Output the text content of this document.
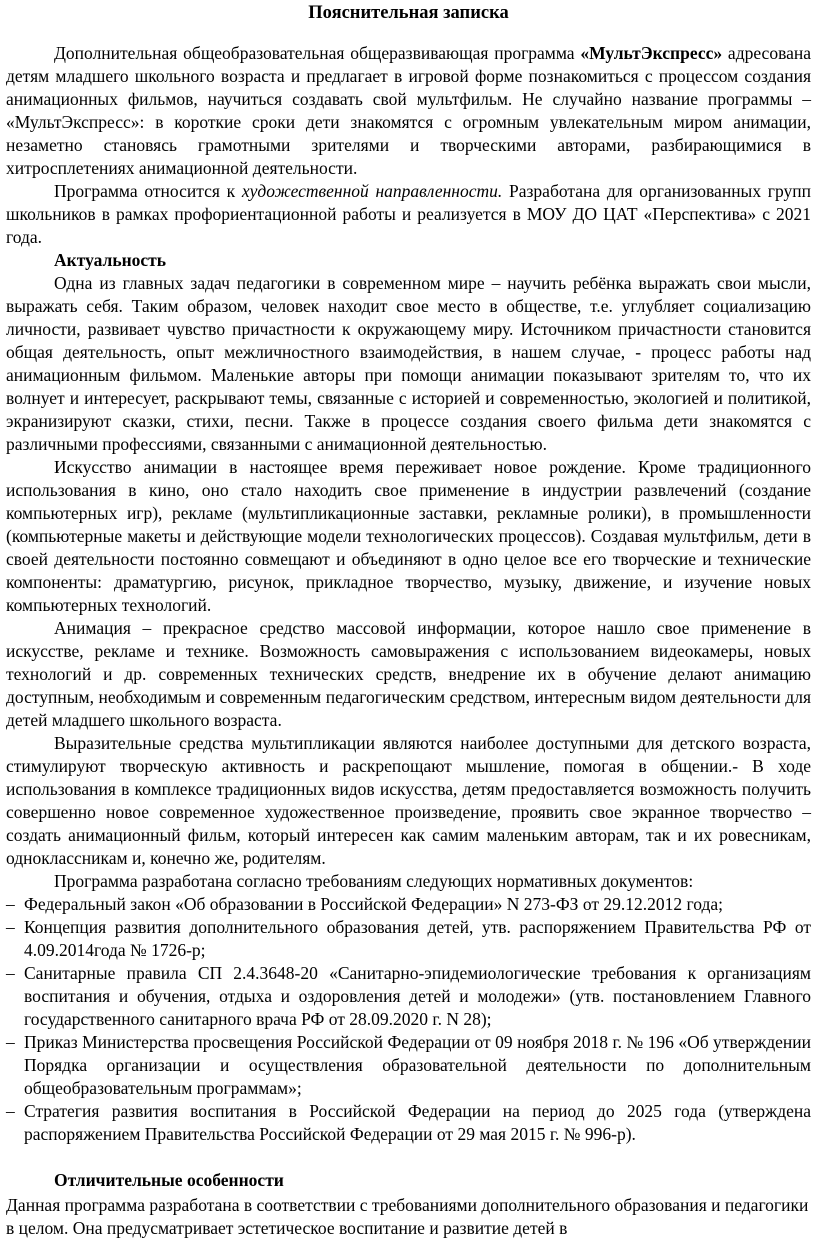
Пояснительная записка

Дополнительная общеобразовательная общеразвивающая программа «МультЭкспресс» адресована детям младшего школьного возраста и предлагает в игровой форме познакомиться с процессом создания анимационных фильмов, научиться создавать свой мультфильм. Не случайно название программы – «МультЭкспресс»: в короткие сроки дети знакомятся с огромным увлекательным миром анимации, незаметно становясь грамотными зрителями и творческими авторами, разбирающимися в хитросплетениях анимационной деятельности.

Программа относится к художественной направленности. Разработана для организованных групп школьников в рамках профориентационной работы и реализуется в МОУ ДО ЦАТ «Перспектива» с 2021 года.

Актуальность

Одна из главных задач педагогики в современном мире – научить ребёнка выражать свои мысли, выражать себя. Таким образом, человек находит свое место в обществе, т.е. углубляет социализацию личности, развивает чувство причастности к окружающему миру. Источником причастности становится общая деятельность, опыт межличностного взаимодействия, в нашем случае, - процесс работы над анимационным фильмом. Маленькие авторы при помощи анимации показывают зрителям то, что их волнует и интересует, раскрывают темы, связанные с историей и современностью, экологией и политикой, экранизируют сказки, стихи, песни. Также в процессе создания своего фильма дети знакомятся с различными профессиями, связанными с анимационной деятельностью.

Искусство анимации в настоящее время переживает новое рождение. Кроме традиционного использования в кино, оно стало находить свое применение в индустрии развлечений (создание компьютерных игр), рекламе (мультипликационные заставки, рекламные ролики), в промышленности (компьютерные макеты и действующие модели технологических процессов). Создавая мультфильм, дети в своей деятельности постоянно совмещают и объединяют в одно целое все его творческие и технические компоненты: драматургию, рисунок, прикладное творчество, музыку, движение, и изучение новых компьютерных технологий.

Анимация – прекрасное средство массовой информации, которое нашло свое применение в искусстве, рекламе и технике. Возможность самовыражения с использованием видеокамеры, новых технологий и др. современных технических средств, внедрение их в обучение делают анимацию доступным, необходимым и современным педагогическим средством, интересным видом деятельности для детей младшего школьного возраста.

Выразительные средства мультипликации являются наиболее доступными для детского возраста, стимулируют творческую активность и раскрепощают мышление, помогая в общении.- В ходе использования в комплексе традиционных видов искусства, детям предоставляется возможность получить совершенно новое современное художественное произведение, проявить свое экранное творчество – создать анимационный фильм, который интересен как самим маленьким авторам, так и их ровесникам, одноклассникам и, конечно же, родителям.

Программа разработана согласно требованиям следующих нормативных документов:

– Федеральный закон «Об образовании в Российской Федерации» N 273-ФЗ от 29.12.2012 года;
– Концепция развития дополнительного образования детей, утв. распоряжением Правительства РФ от 4.09.2014года № 1726-р;
– Санитарные правила СП 2.4.3648-20 «Санитарно-эпидемиологические требования к организациям воспитания и обучения, отдыха и оздоровления детей и молодежи» (утв. постановлением Главного государственного санитарного врача РФ от 28.09.2020 г. N 28);
– Приказ Министерства просвещения Российской Федерации от 09 ноября 2018 г. № 196 «Об утверждении Порядка организации и осуществления образовательной деятельности по дополнительным общеобразовательным программам»;
– Стратегия развития воспитания в Российской Федерации на период до 2025 года (утверждена распоряжением Правительства Российской Федерации от 29 мая 2015 г. № 996-р).
Отличительные особенности

Данная программа разработана в соответствии с требованиями дополнительного образования и педагогики в целом. Она предусматривает эстетическое воспитание и развитие детей в
